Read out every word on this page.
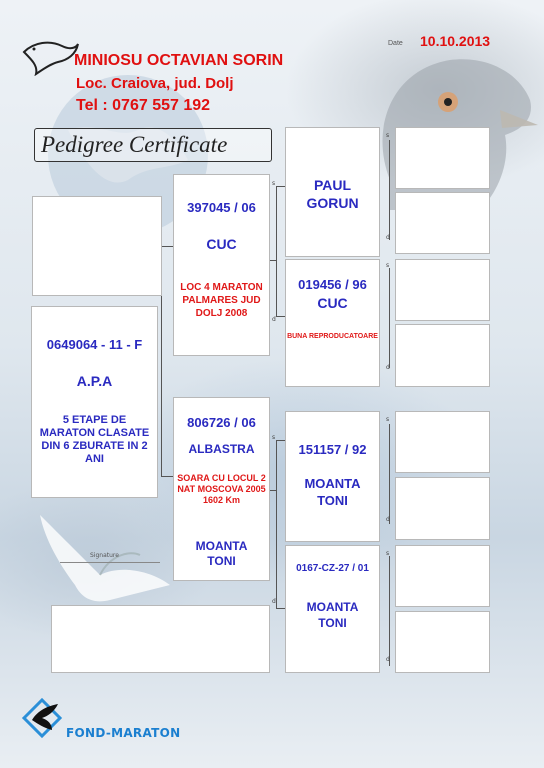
MINIOSU OCTAVIAN SORIN
Loc. Craiova, jud. Dolj
Tel : 0767 557 192
Date 10.10.2013
Pedigree Certificate
s
d
s
d
s
d
s
d
s
d
s
d
0649064 - 11 - F
A.P.A
5 ETAPE DE MARATON CLASATE DIN 6 ZBURATE IN 2 ANI
397045 / 06
CUC
LOC 4 MARATON PALMARES JUD DOLJ 2008
806726 / 06
ALBASTRA
SOARA CU LOCUL 2 NAT MOSCOVA 2005 1602 Km
MOANTA TONI
Signature
PAUL GORUN
019456 / 96
CUC
BUNA REPRODUCATOARE
151157 / 92
MOANTA TONI
0167-CZ-27 / 01
MOANTA TONI
FOND-MARATON
